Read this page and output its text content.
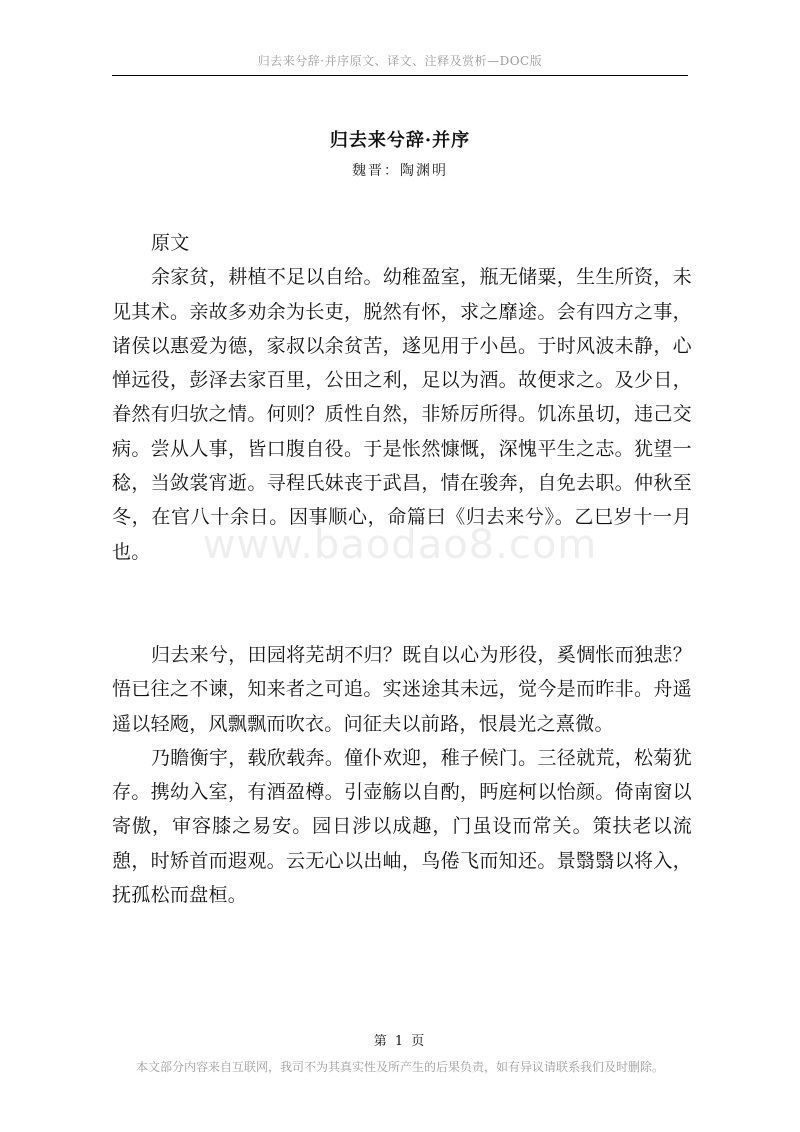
归去来兮辞·并序原文、译文、注释及赏析—DOC版
归去来兮辞·并序
魏晋：陶渊明

原文

余家贫，耕植不足以自给。幼稚盈室，瓶无储粟，生生所资，未见其术。亲故多劝余为长吏，脱然有怀，求之靡途。会有四方之事，诸侯以惠爱为德，家叔以余贫苦，遂见用于小邑。于时风波未静，心惮远役，彭泽去家百里，公田之利，足以为酒。故便求之。及少日，眷然有归欤之情。何则？质性自然，非矫厉所得。饥冻虽切，违己交病。尝从人事，皆口腹自役。于是怅然慷慨，深愧平生之志。犹望一稔，当敛裳宵逝。寻程氏妹丧于武昌，情在骏奔，自免去职。仲秋至冬，在官八十余日。因事顺心，命篇曰《归去来兮》。乙巳岁十一月也。

归去来兮，田园将芜胡不归？既自以心为形役，奚惆怅而独悲？悟已往之不谏，知来者之可追。实迷途其未远，觉今是而昨非。舟遥遥以轻飏，风飘飘而吹衣。问征夫以前路，恨晨光之熹微。

乃瞻衡宇，载欣载奔。僮仆欢迎，稚子候门。三径就荒，松菊犹存。携幼入室，有酒盈樽。引壶觞以自酌，眄庭柯以怡颜。倚南窗以寄傲，审容膝之易安。园日涉以成趣，门虽设而常关。策扶老以流憩，时矫首而遐观。云无心以出岫，鸟倦飞而知还。景翳翳以将入，抚孤松而盘桓。

www.baodao8.com
第 1 页
本文部分内容来自互联网，我司不为其真实性及所产生的后果负责，如有异议请联系我们及时删除。
